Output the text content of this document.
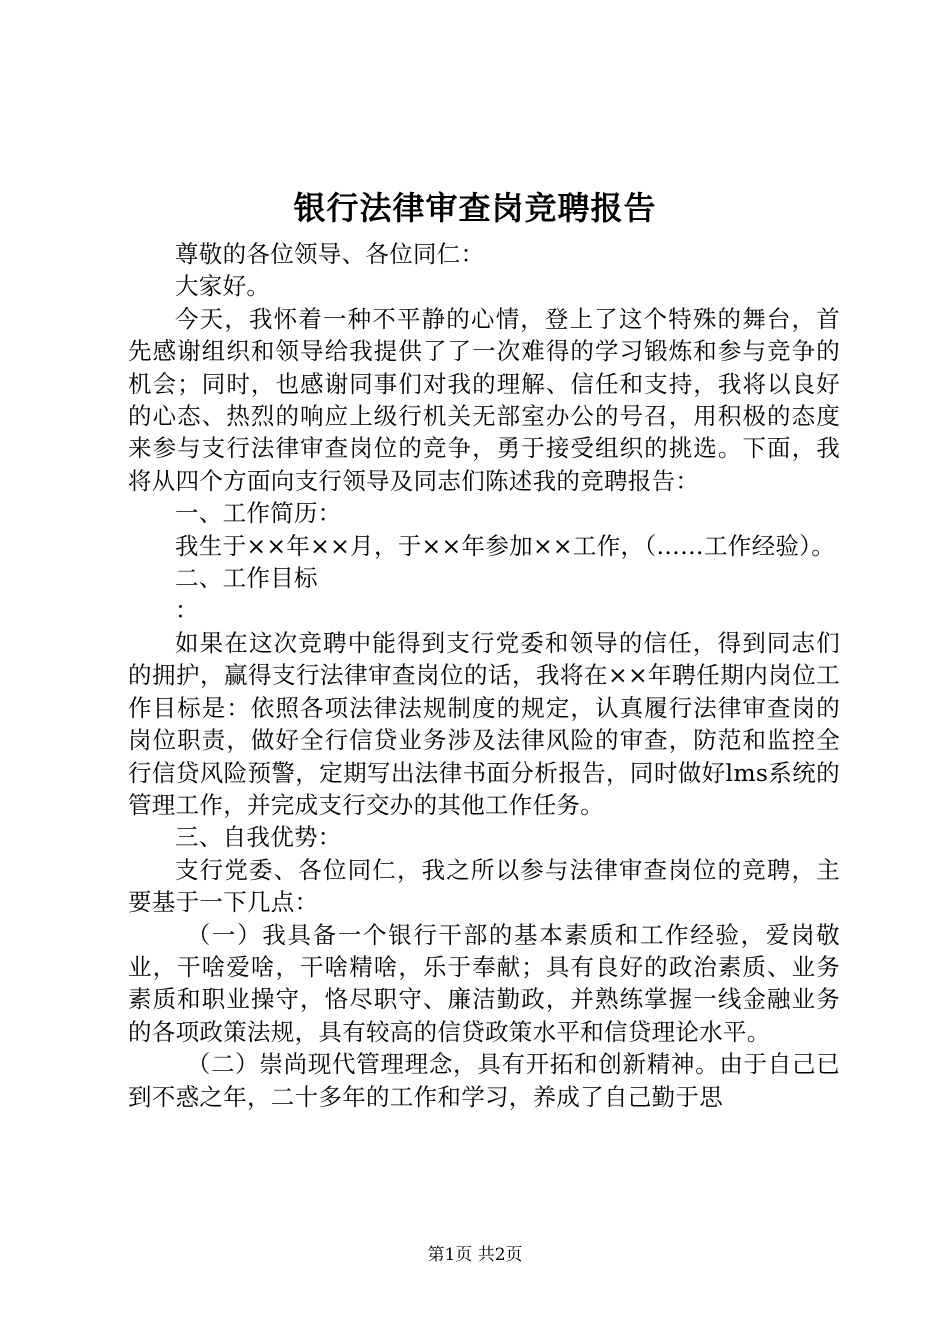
银行法律审查岗竞聘报告

尊敬的各位领导、各位同仁：

大家好。

今天，我怀着一种不平静的心情，登上了这个特殊的舞台，首先感谢组织和领导给我提供了了一次难得的学习锻炼和参与竞争的机会；同时，也感谢同事们对我的理解、信任和支持，我将以良好的心态、热烈的响应上级行机关无部室办公的号召，用积极的态度来参与支行法律审查岗位的竞争，勇于接受组织的挑选。下面，我将从四个方面向支行领导及同志们陈述我的竞聘报告：

一、工作简历：

我生于××年××月，于××年参加××工作，（……工作经验）。

二、工作目标

：

如果在这次竞聘中能得到支行党委和领导的信任，得到同志们的拥护，赢得支行法律审查岗位的话，我将在××年聘任期内岗位工作目标是：依照各项法律法规制度的规定，认真履行法律审查岗的岗位职责，做好全行信贷业务涉及法律风险的审查，防范和监控全行信贷风险预警，定期写出法律书面分析报告，同时做好lms系统的管理工作，并完成支行交办的其他工作任务。

三、自我优势：

支行党委、各位同仁，我之所以参与法律审查岗位的竞聘，主要基于一下几点：

（一）我具备一个银行干部的基本素质和工作经验，爱岗敬业，干啥爱啥，干啥精啥，乐于奉献；具有良好的政治素质、业务素质和职业操守，恪尽职守、廉洁勤政，并熟练掌握一线金融业务的各项政策法规，具有较高的信贷政策水平和信贷理论水平。

（二）崇尚现代管理理念，具有开拓和创新精神。由于自己已到不惑之年，二十多年的工作和学习，养成了自己勤于思

第1页 共2页
